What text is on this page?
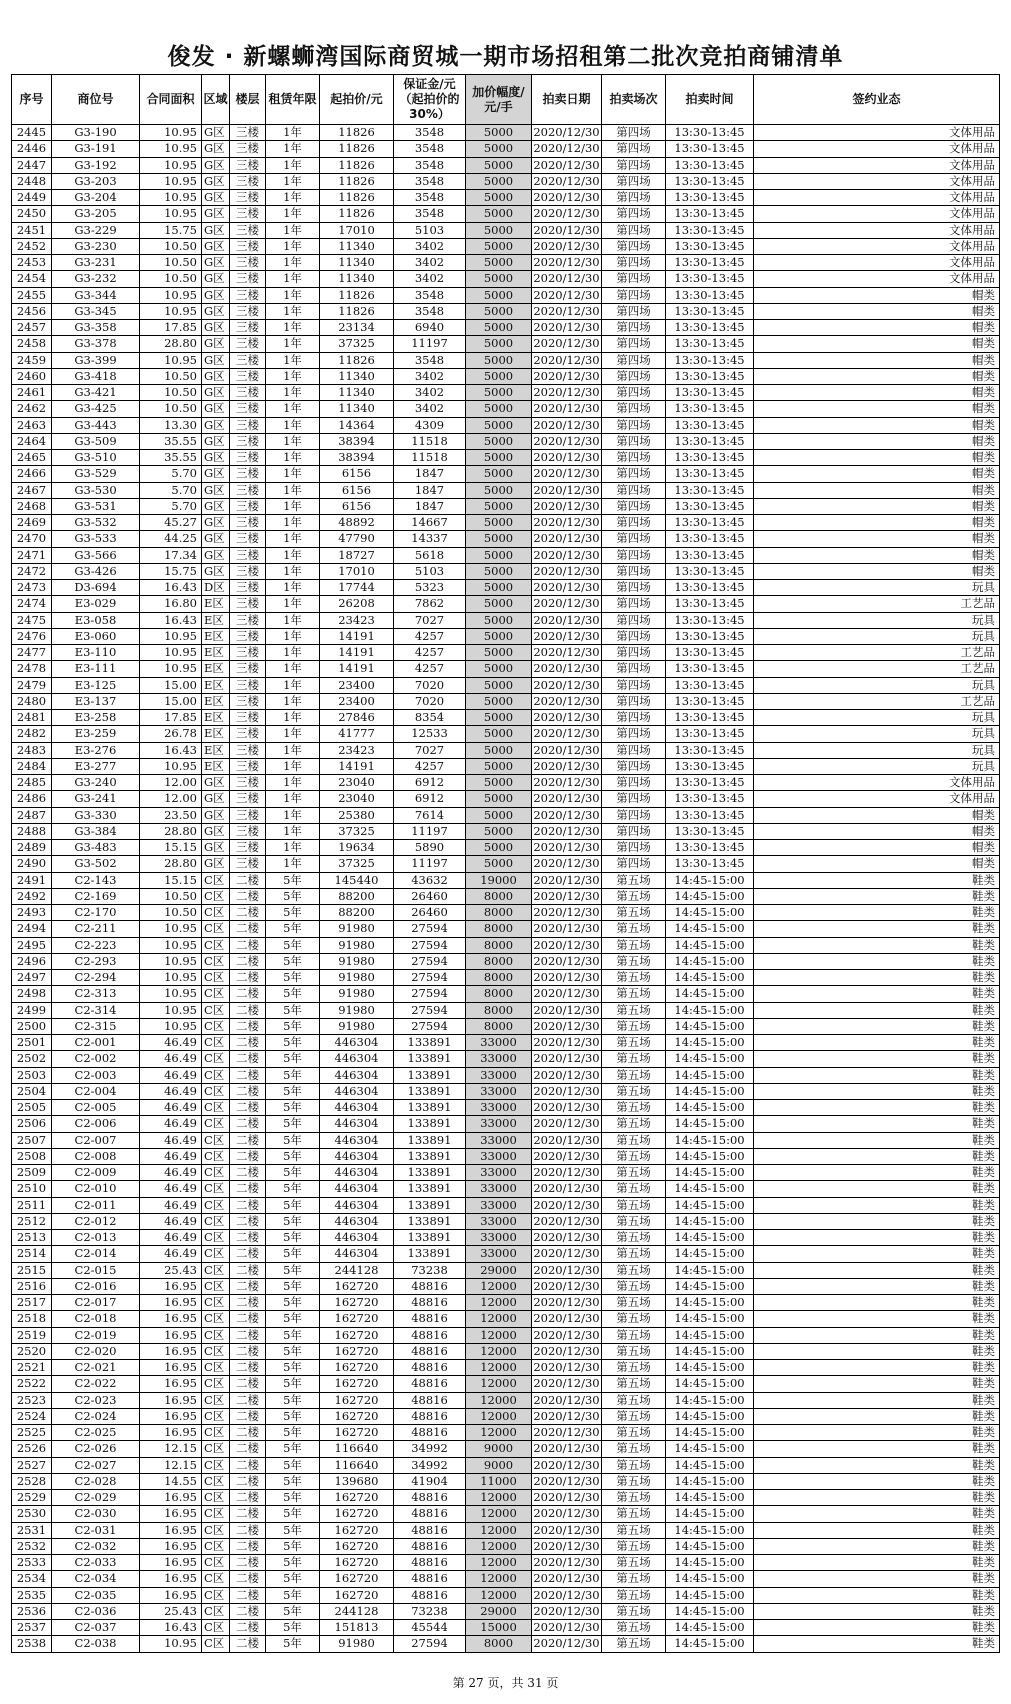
俊发 · 新螺蛳湾国际商贸城一期市场招租第二批次竞拍商铺清单
序号	商位号	合同面积	区域	楼层	租赁年限	起拍价/元	保证金/元（起拍价的30%）	加价幅度/元/手	拍卖日期	拍卖场次	拍卖时间	签约业态
2445	G3-190	10.95	G区	三楼	1年	11826	3548	5000	2020/12/30	第四场	13:30-13:45	文体用品
2446	G3-191	10.95	G区	三楼	1年	11826	3548	5000	2020/12/30	第四场	13:30-13:45	文体用品
2447	G3-192	10.95	G区	三楼	1年	11826	3548	5000	2020/12/30	第四场	13:30-13:45	文体用品
2448	G3-203	10.95	G区	三楼	1年	11826	3548	5000	2020/12/30	第四场	13:30-13:45	文体用品
2449	G3-204	10.95	G区	三楼	1年	11826	3548	5000	2020/12/30	第四场	13:30-13:45	文体用品
2450	G3-205	10.95	G区	三楼	1年	11826	3548	5000	2020/12/30	第四场	13:30-13:45	文体用品
2451	G3-229	15.75	G区	三楼	1年	17010	5103	5000	2020/12/30	第四场	13:30-13:45	文体用品
2452	G3-230	10.50	G区	三楼	1年	11340	3402	5000	2020/12/30	第四场	13:30-13:45	文体用品
2453	G3-231	10.50	G区	三楼	1年	11340	3402	5000	2020/12/30	第四场	13:30-13:45	文体用品
2454	G3-232	10.50	G区	三楼	1年	11340	3402	5000	2020/12/30	第四场	13:30-13:45	文体用品
2455	G3-344	10.95	G区	三楼	1年	11826	3548	5000	2020/12/30	第四场	13:30-13:45	帽类
2456	G3-345	10.95	G区	三楼	1年	11826	3548	5000	2020/12/30	第四场	13:30-13:45	帽类
2457	G3-358	17.85	G区	三楼	1年	23134	6940	5000	2020/12/30	第四场	13:30-13:45	帽类
2458	G3-378	28.80	G区	三楼	1年	37325	11197	5000	2020/12/30	第四场	13:30-13:45	帽类
2459	G3-399	10.95	G区	三楼	1年	11826	3548	5000	2020/12/30	第四场	13:30-13:45	帽类
2460	G3-418	10.50	G区	三楼	1年	11340	3402	5000	2020/12/30	第四场	13:30-13:45	帽类
2461	G3-421	10.50	G区	三楼	1年	11340	3402	5000	2020/12/30	第四场	13:30-13:45	帽类
2462	G3-425	10.50	G区	三楼	1年	11340	3402	5000	2020/12/30	第四场	13:30-13:45	帽类
2463	G3-443	13.30	G区	三楼	1年	14364	4309	5000	2020/12/30	第四场	13:30-13:45	帽类
2464	G3-509	35.55	G区	三楼	1年	38394	11518	5000	2020/12/30	第四场	13:30-13:45	帽类
2465	G3-510	35.55	G区	三楼	1年	38394	11518	5000	2020/12/30	第四场	13:30-13:45	帽类
2466	G3-529	5.70	G区	三楼	1年	6156	1847	5000	2020/12/30	第四场	13:30-13:45	帽类
2467	G3-530	5.70	G区	三楼	1年	6156	1847	5000	2020/12/30	第四场	13:30-13:45	帽类
2468	G3-531	5.70	G区	三楼	1年	6156	1847	5000	2020/12/30	第四场	13:30-13:45	帽类
2469	G3-532	45.27	G区	三楼	1年	48892	14667	5000	2020/12/30	第四场	13:30-13:45	帽类
2470	G3-533	44.25	G区	三楼	1年	47790	14337	5000	2020/12/30	第四场	13:30-13:45	帽类
2471	G3-566	17.34	G区	三楼	1年	18727	5618	5000	2020/12/30	第四场	13:30-13:45	帽类
2472	G3-426	15.75	G区	三楼	1年	17010	5103	5000	2020/12/30	第四场	13:30-13:45	帽类
2473	D3-694	16.43	D区	三楼	1年	17744	5323	5000	2020/12/30	第四场	13:30-13:45	玩具
2474	E3-029	16.80	E区	三楼	1年	26208	7862	5000	2020/12/30	第四场	13:30-13:45	工艺品
2475	E3-058	16.43	E区	三楼	1年	23423	7027	5000	2020/12/30	第四场	13:30-13:45	玩具
2476	E3-060	10.95	E区	三楼	1年	14191	4257	5000	2020/12/30	第四场	13:30-13:45	玩具
2477	E3-110	10.95	E区	三楼	1年	14191	4257	5000	2020/12/30	第四场	13:30-13:45	工艺品
2478	E3-111	10.95	E区	三楼	1年	14191	4257	5000	2020/12/30	第四场	13:30-13:45	工艺品
2479	E3-125	15.00	E区	三楼	1年	23400	7020	5000	2020/12/30	第四场	13:30-13:45	玩具
2480	E3-137	15.00	E区	三楼	1年	23400	7020	5000	2020/12/30	第四场	13:30-13:45	工艺品
2481	E3-258	17.85	E区	三楼	1年	27846	8354	5000	2020/12/30	第四场	13:30-13:45	玩具
2482	E3-259	26.78	E区	三楼	1年	41777	12533	5000	2020/12/30	第四场	13:30-13:45	玩具
2483	E3-276	16.43	E区	三楼	1年	23423	7027	5000	2020/12/30	第四场	13:30-13:45	玩具
2484	E3-277	10.95	E区	三楼	1年	14191	4257	5000	2020/12/30	第四场	13:30-13:45	玩具
2485	G3-240	12.00	G区	三楼	1年	23040	6912	5000	2020/12/30	第四场	13:30-13:45	文体用品
2486	G3-241	12.00	G区	三楼	1年	23040	6912	5000	2020/12/30	第四场	13:30-13:45	文体用品
2487	G3-330	23.50	G区	三楼	1年	25380	7614	5000	2020/12/30	第四场	13:30-13:45	帽类
2488	G3-384	28.80	G区	三楼	1年	37325	11197	5000	2020/12/30	第四场	13:30-13:45	帽类
2489	G3-483	15.15	G区	三楼	1年	19634	5890	5000	2020/12/30	第四场	13:30-13:45	帽类
2490	G3-502	28.80	G区	三楼	1年	37325	11197	5000	2020/12/30	第四场	13:30-13:45	帽类
2491	C2-143	15.15	C区	二楼	5年	145440	43632	19000	2020/12/30	第五场	14:45-15:00	鞋类
2492	C2-169	10.50	C区	二楼	5年	88200	26460	8000	2020/12/30	第五场	14:45-15:00	鞋类
2493	C2-170	10.50	C区	二楼	5年	88200	26460	8000	2020/12/30	第五场	14:45-15:00	鞋类
2494	C2-211	10.95	C区	二楼	5年	91980	27594	8000	2020/12/30	第五场	14:45-15:00	鞋类
2495	C2-223	10.95	C区	二楼	5年	91980	27594	8000	2020/12/30	第五场	14:45-15:00	鞋类
2496	C2-293	10.95	C区	二楼	5年	91980	27594	8000	2020/12/30	第五场	14:45-15:00	鞋类
2497	C2-294	10.95	C区	二楼	5年	91980	27594	8000	2020/12/30	第五场	14:45-15:00	鞋类
2498	C2-313	10.95	C区	二楼	5年	91980	27594	8000	2020/12/30	第五场	14:45-15:00	鞋类
2499	C2-314	10.95	C区	二楼	5年	91980	27594	8000	2020/12/30	第五场	14:45-15:00	鞋类
2500	C2-315	10.95	C区	二楼	5年	91980	27594	8000	2020/12/30	第五场	14:45-15:00	鞋类
2501	C2-001	46.49	C区	二楼	5年	446304	133891	33000	2020/12/30	第五场	14:45-15:00	鞋类
2502	C2-002	46.49	C区	二楼	5年	446304	133891	33000	2020/12/30	第五场	14:45-15:00	鞋类
2503	C2-003	46.49	C区	二楼	5年	446304	133891	33000	2020/12/30	第五场	14:45-15:00	鞋类
2504	C2-004	46.49	C区	二楼	5年	446304	133891	33000	2020/12/30	第五场	14:45-15:00	鞋类
2505	C2-005	46.49	C区	二楼	5年	446304	133891	33000	2020/12/30	第五场	14:45-15:00	鞋类
2506	C2-006	46.49	C区	二楼	5年	446304	133891	33000	2020/12/30	第五场	14:45-15:00	鞋类
2507	C2-007	46.49	C区	二楼	5年	446304	133891	33000	2020/12/30	第五场	14:45-15:00	鞋类
2508	C2-008	46.49	C区	二楼	5年	446304	133891	33000	2020/12/30	第五场	14:45-15:00	鞋类
2509	C2-009	46.49	C区	二楼	5年	446304	133891	33000	2020/12/30	第五场	14:45-15:00	鞋类
2510	C2-010	46.49	C区	二楼	5年	446304	133891	33000	2020/12/30	第五场	14:45-15:00	鞋类
2511	C2-011	46.49	C区	二楼	5年	446304	133891	33000	2020/12/30	第五场	14:45-15:00	鞋类
2512	C2-012	46.49	C区	二楼	5年	446304	133891	33000	2020/12/30	第五场	14:45-15:00	鞋类
2513	C2-013	46.49	C区	二楼	5年	446304	133891	33000	2020/12/30	第五场	14:45-15:00	鞋类
2514	C2-014	46.49	C区	二楼	5年	446304	133891	33000	2020/12/30	第五场	14:45-15:00	鞋类
2515	C2-015	25.43	C区	二楼	5年	244128	73238	29000	2020/12/30	第五场	14:45-15:00	鞋类
2516	C2-016	16.95	C区	二楼	5年	162720	48816	12000	2020/12/30	第五场	14:45-15:00	鞋类
2517	C2-017	16.95	C区	二楼	5年	162720	48816	12000	2020/12/30	第五场	14:45-15:00	鞋类
2518	C2-018	16.95	C区	二楼	5年	162720	48816	12000	2020/12/30	第五场	14:45-15:00	鞋类
2519	C2-019	16.95	C区	二楼	5年	162720	48816	12000	2020/12/30	第五场	14:45-15:00	鞋类
2520	C2-020	16.95	C区	二楼	5年	162720	48816	12000	2020/12/30	第五场	14:45-15:00	鞋类
2521	C2-021	16.95	C区	二楼	5年	162720	48816	12000	2020/12/30	第五场	14:45-15:00	鞋类
2522	C2-022	16.95	C区	二楼	5年	162720	48816	12000	2020/12/30	第五场	14:45-15:00	鞋类
2523	C2-023	16.95	C区	二楼	5年	162720	48816	12000	2020/12/30	第五场	14:45-15:00	鞋类
2524	C2-024	16.95	C区	二楼	5年	162720	48816	12000	2020/12/30	第五场	14:45-15:00	鞋类
2525	C2-025	16.95	C区	二楼	5年	162720	48816	12000	2020/12/30	第五场	14:45-15:00	鞋类
2526	C2-026	12.15	C区	二楼	5年	116640	34992	9000	2020/12/30	第五场	14:45-15:00	鞋类
2527	C2-027	12.15	C区	二楼	5年	116640	34992	9000	2020/12/30	第五场	14:45-15:00	鞋类
2528	C2-028	14.55	C区	二楼	5年	139680	41904	11000	2020/12/30	第五场	14:45-15:00	鞋类
2529	C2-029	16.95	C区	二楼	5年	162720	48816	12000	2020/12/30	第五场	14:45-15:00	鞋类
2530	C2-030	16.95	C区	二楼	5年	162720	48816	12000	2020/12/30	第五场	14:45-15:00	鞋类
2531	C2-031	16.95	C区	二楼	5年	162720	48816	12000	2020/12/30	第五场	14:45-15:00	鞋类
2532	C2-032	16.95	C区	二楼	5年	162720	48816	12000	2020/12/30	第五场	14:45-15:00	鞋类
2533	C2-033	16.95	C区	二楼	5年	162720	48816	12000	2020/12/30	第五场	14:45-15:00	鞋类
2534	C2-034	16.95	C区	二楼	5年	162720	48816	12000	2020/12/30	第五场	14:45-15:00	鞋类
2535	C2-035	16.95	C区	二楼	5年	162720	48816	12000	2020/12/30	第五场	14:45-15:00	鞋类
2536	C2-036	25.43	C区	二楼	5年	244128	73238	29000	2020/12/30	第五场	14:45-15:00	鞋类
2537	C2-037	16.43	C区	二楼	5年	151813	45544	15000	2020/12/30	第五场	14:45-15:00	鞋类
2538	C2-038	10.95	C区	二楼	5年	91980	27594	8000	2020/12/30	第五场	14:45-15:00	鞋类
第 27 页，共 31 页
